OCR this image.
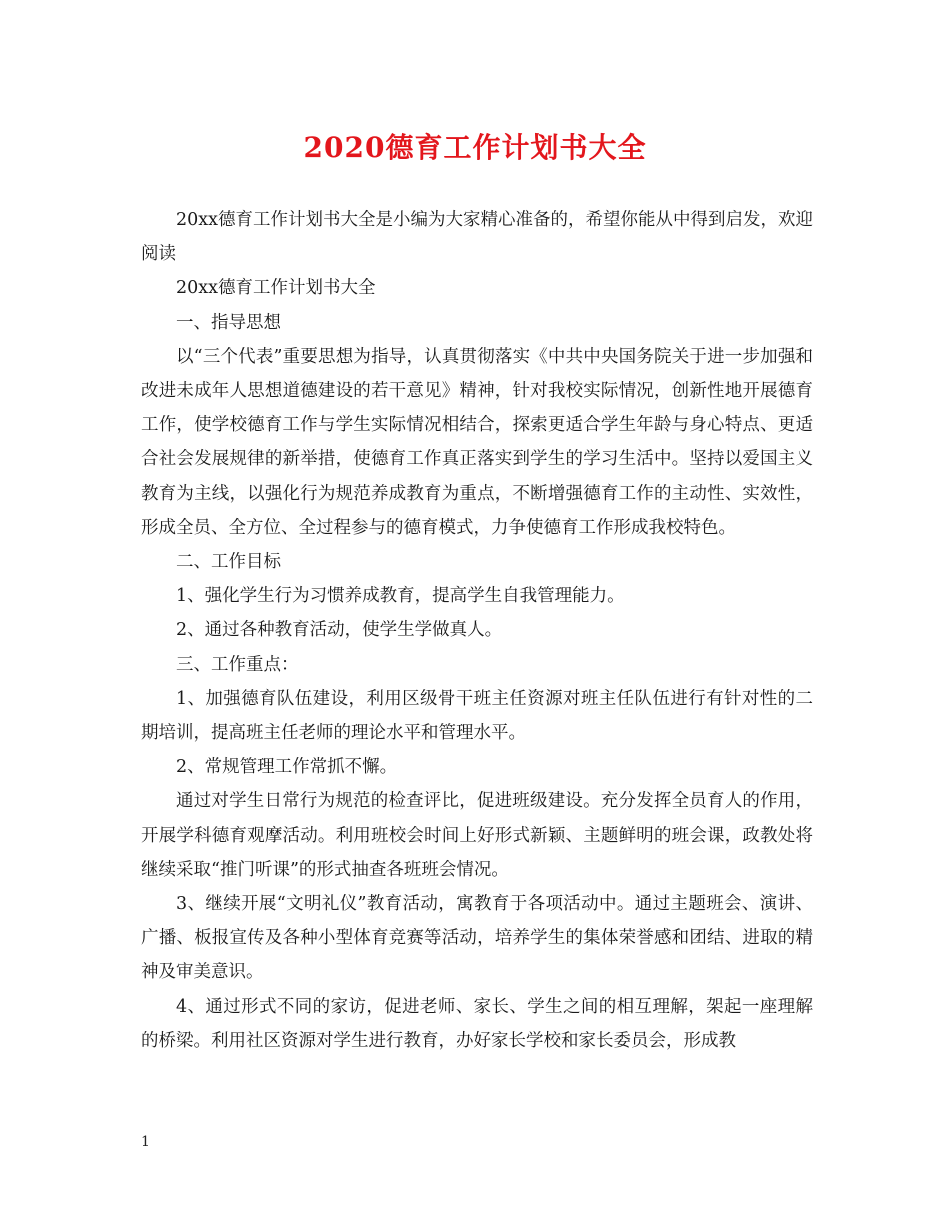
2020德育工作计划书大全

20xx德育工作计划书大全是小编为大家精心准备的，希望你能从中得到启发，欢迎阅读

20xx德育工作计划书大全

一、指导思想

以“三个代表”重要思想为指导，认真贯彻落实《中共中央国务院关于进一步加强和改进未成年人思想道德建设的若干意见》精神，针对我校实际情况，创新性地开展德育工作，使学校德育工作与学生实际情况相结合，探索更适合学生年龄与身心特点、更适合社会发展规律的新举措，使德育工作真正落实到学生的学习生活中。坚持以爱国主义教育为主线，以强化行为规范养成教育为重点，不断增强德育工作的主动性、实效性，形成全员、全方位、全过程参与的德育模式，力争使德育工作形成我校特色。

二、工作目标

1、强化学生行为习惯养成教育，提高学生自我管理能力。

2、通过各种教育活动，使学生学做真人。

三、工作重点：

1、加强德育队伍建设，利用区级骨干班主任资源对班主任队伍进行有针对性的二期培训，提高班主任老师的理论水平和管理水平。

2、常规管理工作常抓不懈。

通过对学生日常行为规范的检查评比，促进班级建设。充分发挥全员育人的作用，开展学科德育观摩活动。利用班校会时间上好形式新颖、主题鲜明的班会课，政教处将继续采取“推门听课”的形式抽查各班班会情况。

3、继续开展“文明礼仪”教育活动，寓教育于各项活动中。通过主题班会、演讲、广播、板报宣传及各种小型体育竞赛等活动，培养学生的集体荣誉感和团结、进取的精神及审美意识。

4、通过形式不同的家访，促进老师、家长、学生之间的相互理解，架起一座理解的桥梁。利用社区资源对学生进行教育，办好家长学校和家长委员会，形成教

1
